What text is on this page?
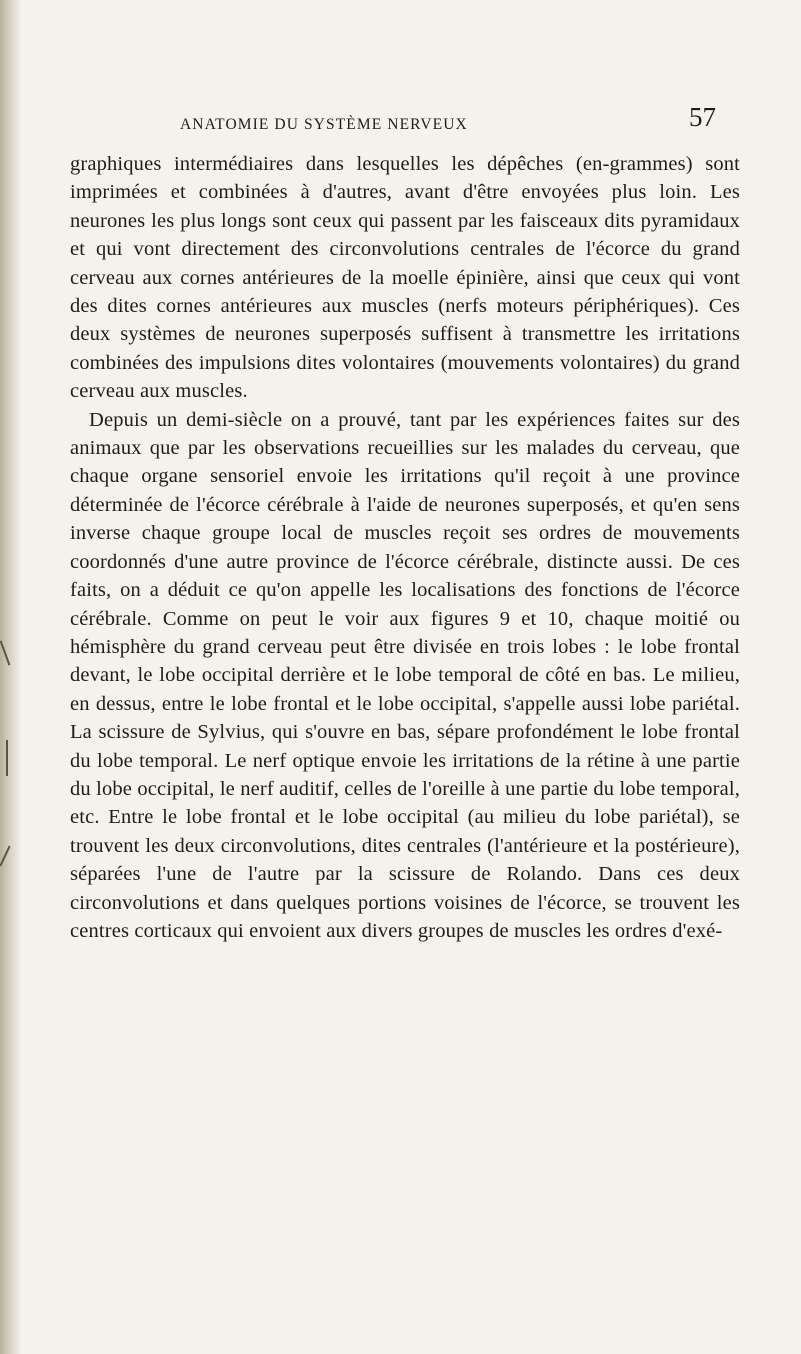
ANATOMIE DU SYSTÈME NERVEUX	57

graphiques intermédiaires dans lesquelles les dépêches (en-grammes) sont imprimées et combinées à d'autres, avant d'être envoyées plus loin. Les neurones les plus longs sont ceux qui passent par les faisceaux dits pyramidaux et qui vont directement des circonvolutions centrales de l'écorce du grand cerveau aux cornes antérieures de la moelle épinière, ainsi que ceux qui vont des dites cornes antérieures aux muscles (nerfs moteurs périphériques). Ces deux systèmes de neurones superposés suffisent à transmettre les irritations combinées des impulsions dites volontaires (mouvements volontaires) du grand cerveau aux muscles.

Depuis un demi-siècle on a prouvé, tant par les expériences faites sur des animaux que par les observations recueillies sur les malades du cerveau, que chaque organe sensoriel envoie les irritations qu'il reçoit à une province déterminée de l'écorce cérébrale à l'aide de neurones superposés, et qu'en sens inverse chaque groupe local de muscles reçoit ses ordres de mouvements coordonnés d'une autre province de l'écorce cérébrale, distincte aussi. De ces faits, on a déduit ce qu'on appelle les localisations des fonctions de l'écorce cérébrale. Comme on peut le voir aux figures 9 et 10, chaque moitié ou hémisphère du grand cerveau peut être divisée en trois lobes : le lobe frontal devant, le lobe occipital derrière et le lobe temporal de côté en bas. Le milieu, en dessus, entre le lobe frontal et le lobe occipital, s'appelle aussi lobe pariétal. La scissure de Sylvius, qui s'ouvre en bas, sépare profondément le lobe frontal du lobe temporal. Le nerf optique envoie les irritations de la rétine à une partie du lobe occipital, le nerf auditif, celles de l'oreille à une partie du lobe temporal, etc. Entre le lobe frontal et le lobe occipital (au milieu du lobe pariétal), se trouvent les deux circonvolutions, dites centrales (l'antérieure et la postérieure), séparées l'une de l'autre par la scissure de Rolando. Dans ces deux circonvolutions et dans quelques portions voisines de l'écorce, se trouvent les centres corticaux qui envoient aux divers groupes de muscles les ordres d'exé-
